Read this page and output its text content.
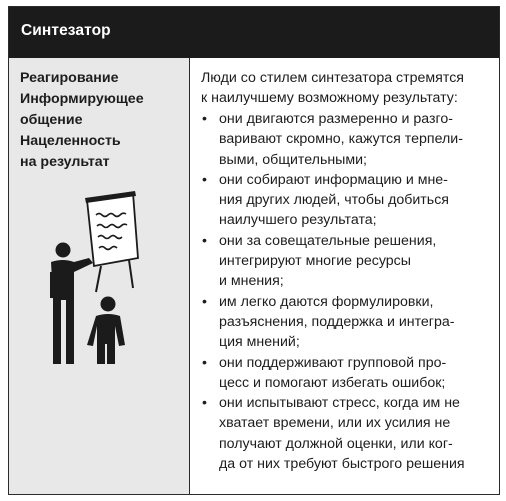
Синтезатор
Реагирование
Информирующее
общение
Нацеленность
на результат
Люди со стилем синтезатора стремятся
к наилучшему возможному результату:
• они двигаются размеренно и разго-
варивают скромно, кажутся терпели-
выми, общительными;
• они собирают информацию и мне-
ния других людей, чтобы добиться
наилучшего результата;
• они за совещательные решения,
интегрируют многие ресурсы
и мнения;
• им легко даются формулировки,
разъяснения, поддержка и интегра-
ция мнений;
• они поддерживают групповой про-
цесс и помогают избегать ошибок;
• они испытывают стресс, когда им не
хватает времени, или их усилия не
получают должной оценки, или ког-
да от них требуют быстрого решения
